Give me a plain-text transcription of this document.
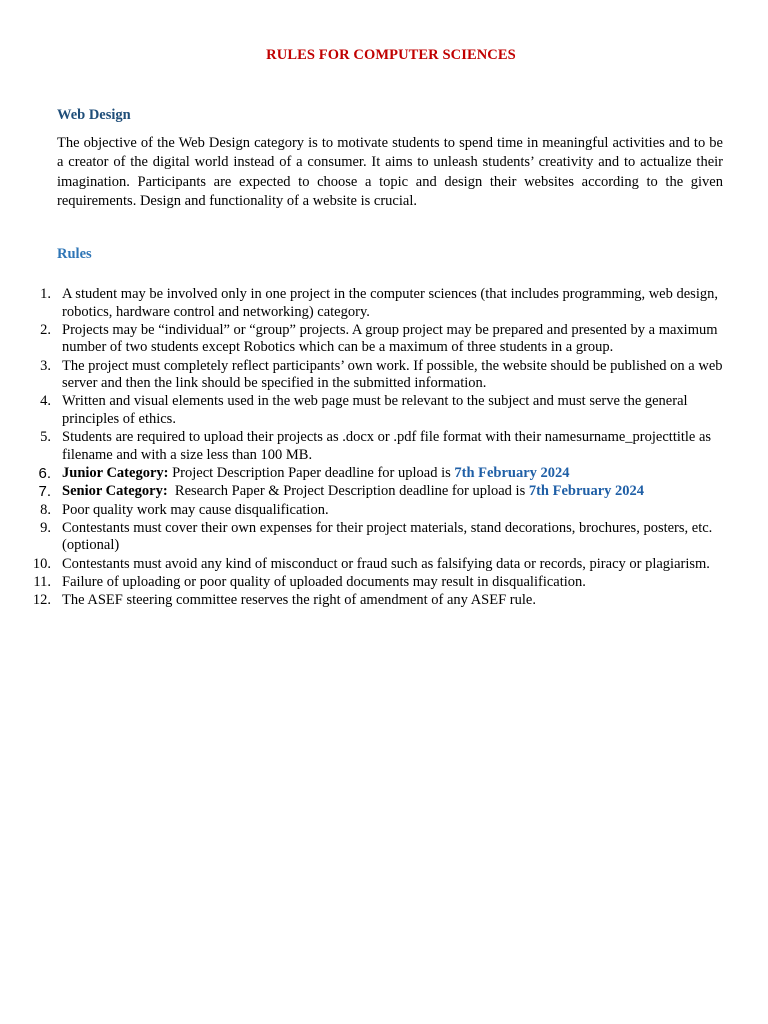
RULES FOR COMPUTER SCIENCES
Web Design

The objective of the Web Design category is to motivate students to spend time in meaningful activities and to be a creator of the digital world instead of a consumer. It aims to unleash students’ creativity and to actualize their imagination. Participants are expected to choose a topic and design their websites according to the given requirements. Design and functionality of a website is crucial.

Rules
1. A student may be involved only in one project in the computer sciences (that includes programming, web design, robotics, hardware control and networking) category.
2. Projects may be “individual” or “group” projects. A group project may be prepared and presented by a maximum number of two students except Robotics which can be a maximum of three students in a group.
3. The project must completely reflect participants’ own work. If possible, the website should be published on a web server and then the link should be specified in the submitted information.
4. Written and visual elements used in the web page must be relevant to the subject and must serve the general principles of ethics.
5. Students are required to upload their projects as .docx or .pdf file format with their namesurname_projecttitle as filename and with a size less than 100 MB.
6. Junior Category: Project Description Paper deadline for upload is 7th February 2024
7. Senior Category:  Research Paper & Project Description deadline for upload is 7th February 2024
8. Poor quality work may cause disqualification.
9. Contestants must cover their own expenses for their project materials, stand decorations, brochures, posters, etc.(optional)
10. Contestants must avoid any kind of misconduct or fraud such as falsifying data or records, piracy or plagiarism.
11. Failure of uploading or poor quality of uploaded documents may result in disqualification.
12. The ASEF steering committee reserves the right of amendment of any ASEF rule.
